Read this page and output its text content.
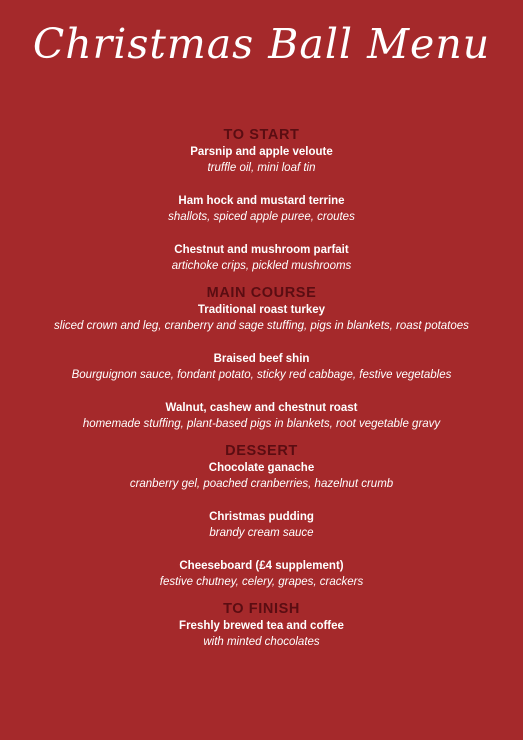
Christmas Ball Menu
TO START
Parsnip and apple veloute
truffle oil, mini loaf tin
Ham hock and mustard terrine
shallots, spiced apple puree, croutes
Chestnut and mushroom parfait
artichoke crips, pickled mushrooms
MAIN COURSE
Traditional roast turkey
sliced crown and leg, cranberry and sage stuffing, pigs in blankets, roast potatoes
Braised beef shin
Bourguignon sauce, fondant potato, sticky red cabbage, festive vegetables
Walnut, cashew and chestnut roast
homemade stuffing, plant-based pigs in blankets, root vegetable gravy
DESSERT
Chocolate ganache
cranberry gel, poached cranberries, hazelnut crumb
Christmas pudding
brandy cream sauce
Cheeseboard (£4 supplement)
festive chutney, celery, grapes, crackers
TO FINISH
Freshly brewed tea and coffee
with minted chocolates
